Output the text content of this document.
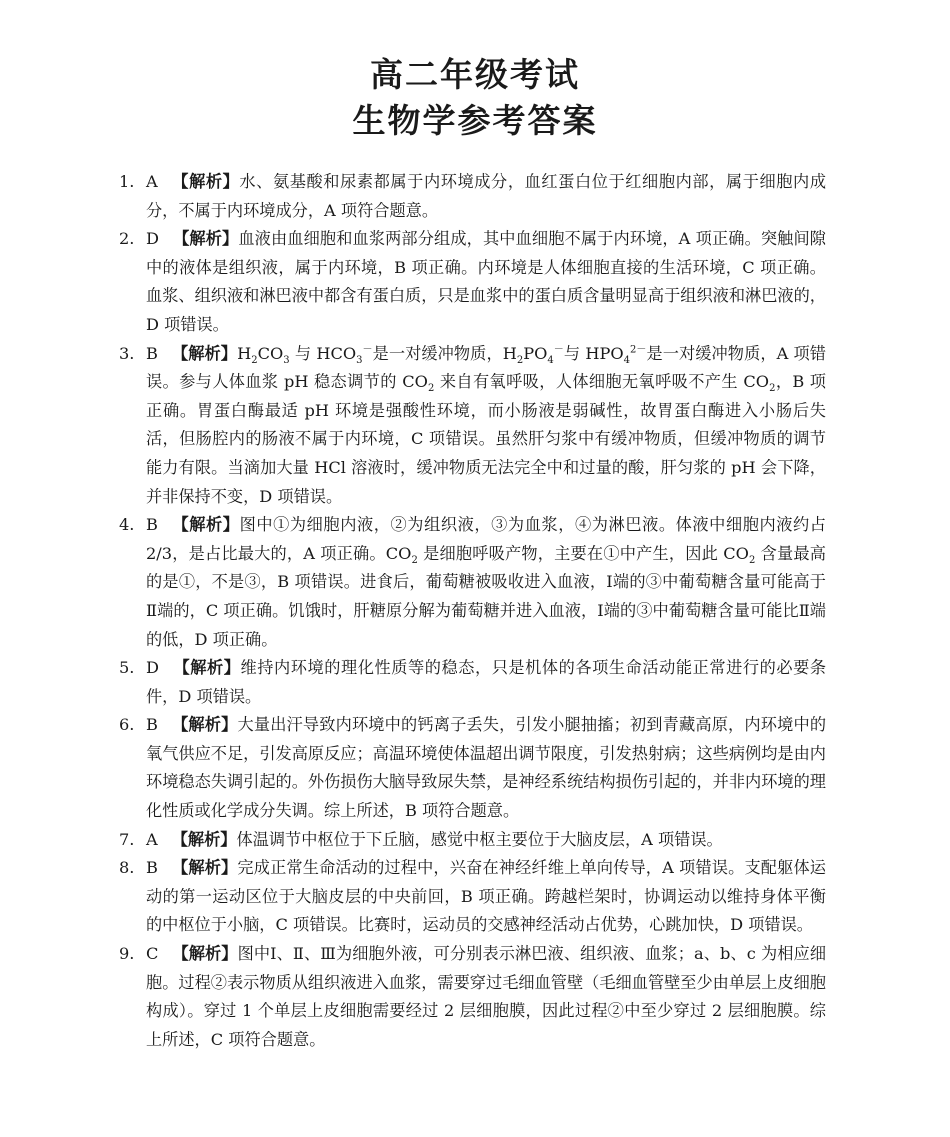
高二年级考试
生物学参考答案
1. A 【解析】水、氨基酸和尿素都属于内环境成分，血红蛋白位于红细胞内部，属于细胞内成分，不属于内环境成分，A 项符合题意。
2. D 【解析】血液由血细胞和血浆两部分组成，其中血细胞不属于内环境，A 项正确。突触间隙中的液体是组织液，属于内环境，B 项正确。内环境是人体细胞直接的生活环境，C 项正确。血浆、组织液和淋巴液中都含有蛋白质，只是血浆中的蛋白质含量明显高于组织液和淋巴液的，D 项错误。
3. B 【解析】$H_2CO_3$ 与 $HCO_3^-$是一对缓冲物质，$H_2PO_4^-$与 $HPO_4^{2-}$是一对缓冲物质，A 项错误。参与人体血浆 pH 稳态调节的 $CO_2$ 来自有氧呼吸，人体细胞无氧呼吸不产生 $CO_2$，B 项正确。胃蛋白酶最适 pH 环境是强酸性环境，而小肠液是弱碱性，故胃蛋白酶进入小肠后失活，但肠腔内的肠液不属于内环境，C 项错误。虽然肝匀浆中有缓冲物质，但缓冲物质的调节能力有限。当滴加大量 HCl 溶液时，缓冲物质无法完全中和过量的酸，肝匀浆的 pH 会下降，并非保持不变，D 项错误。
4. B 【解析】图中①为细胞内液，②为组织液，③为血浆，④为淋巴液。体液中细胞内液约占 2/3，是占比最大的，A 项正确。$CO_2$ 是细胞呼吸产物，主要在①中产生，因此 $CO_2$ 含量最高的是①，不是③，B 项错误。进食后，葡萄糖被吸收进入血液，Ⅰ端的③中葡萄糖含量可能高于Ⅱ端的，C 项正确。饥饿时，肝糖原分解为葡萄糖并进入血液，Ⅰ端的③中葡萄糖含量可能比Ⅱ端的低，D 项正确。
5. D 【解析】维持内环境的理化性质等的稳态，只是机体的各项生命活动能正常进行的必要条件，D 项错误。
6. B 【解析】大量出汗导致内环境中的钙离子丢失，引发小腿抽搐；初到青藏高原，内环境中的氧气供应不足，引发高原反应；高温环境使体温超出调节限度，引发热射病；这些病例均是由内环境稳态失调引起的。外伤损伤大脑导致尿失禁，是神经系统结构损伤引起的，并非内环境的理化性质或化学成分失调。综上所述，B 项符合题意。
7. A 【解析】体温调节中枢位于下丘脑，感觉中枢主要位于大脑皮层，A 项错误。
8. B 【解析】完成正常生命活动的过程中，兴奋在神经纤维上单向传导，A 项错误。支配躯体运动的第一运动区位于大脑皮层的中央前回，B 项正确。跨越栏架时，协调运动以维持身体平衡的中枢位于小脑，C 项错误。比赛时，运动员的交感神经活动占优势，心跳加快，D 项错误。
9. C 【解析】图中Ⅰ、Ⅱ、Ⅲ为细胞外液，可分别表示淋巴液、组织液、血浆；a、b、c 为相应细胞。过程②表示物质从组织液进入血浆，需要穿过毛细血管壁（毛细血管壁至少由单层上皮细胞构成）。穿过 1 个单层上皮细胞需要经过 2 层细胞膜，因此过程②中至少穿过 2 层细胞膜。综上所述，C 项符合题意。
